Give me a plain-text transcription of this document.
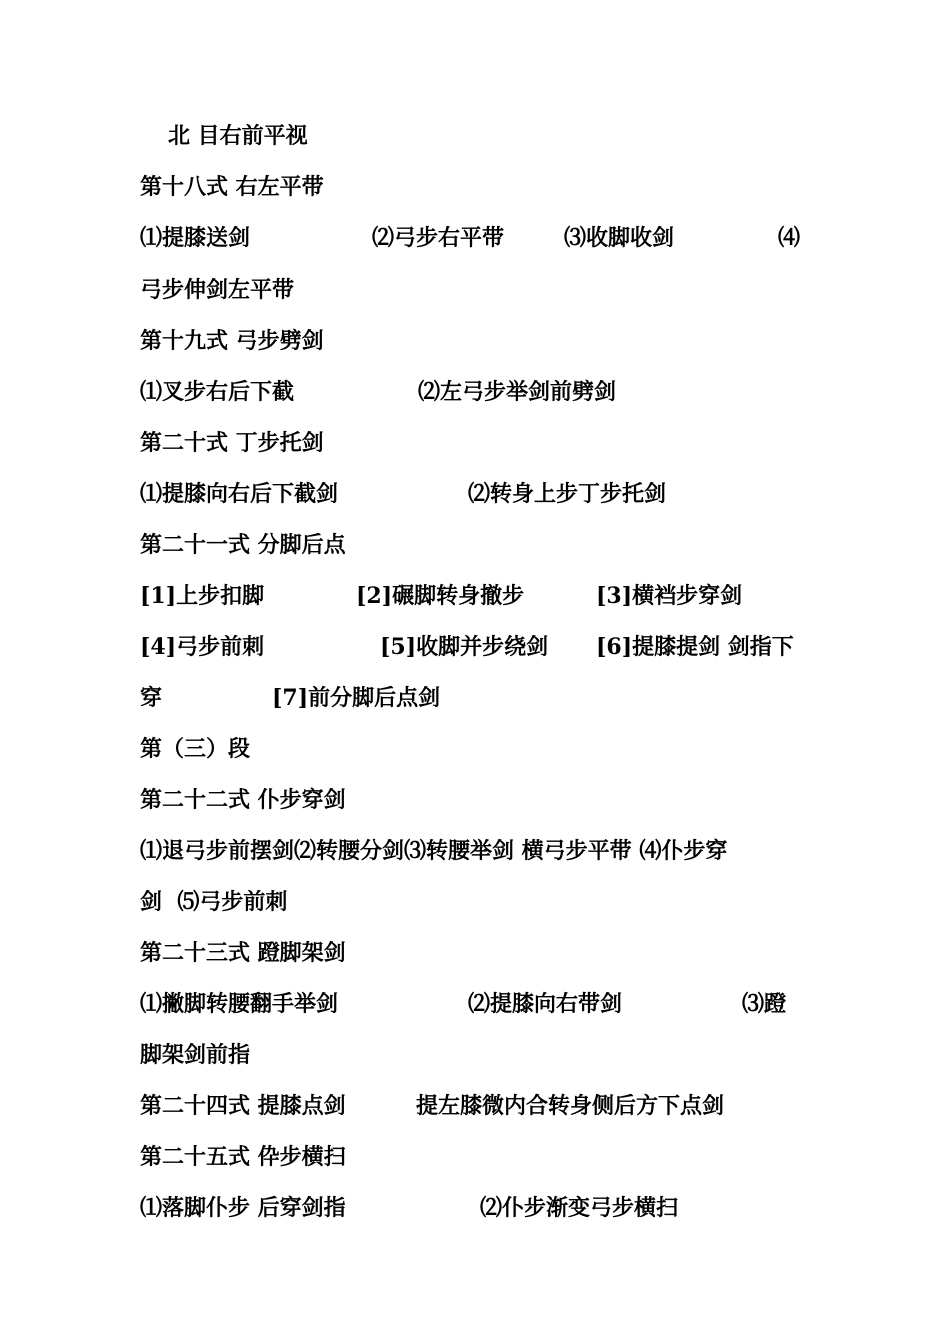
北 目右前平视
第十八式 右左平带
⑴提膝送剑	⑵弓步右平带	⑶收脚收剑	⑷
弓步伸剑左平带
第十九式 弓步劈剑
⑴叉步右后下截	⑵左弓步举剑前劈剑
第二十式 丁步托剑
⑴提膝向右后下截剑	⑵转身上步丁步托剑
第二十一式 分脚后点
[1]上步扣脚	[2]碾脚转身撤步	[3]横裆步穿剑
[4]弓步前刺	[5]收脚并步绕剑 [6]提膝提剑 剑指下
穿	[7]前分脚后点剑
第（三）段
第二十二式 仆步穿剑
⑴退弓步前摆剑⑵转腰分剑⑶转腰举剑 横弓步平带 ⑷仆步穿
剑  ⑸弓步前刺
第二十三式 蹬脚架剑
⑴撇脚转腰翻手举剑	⑵提膝向右带剑	⑶蹬
脚架剑前指
第二十四式 提膝点剑	提左膝微内合转身侧后方下点剑
第二十五式 伜步横扫
⑴落脚仆步 后穿剑指	⑵仆步渐变弓步横扫
